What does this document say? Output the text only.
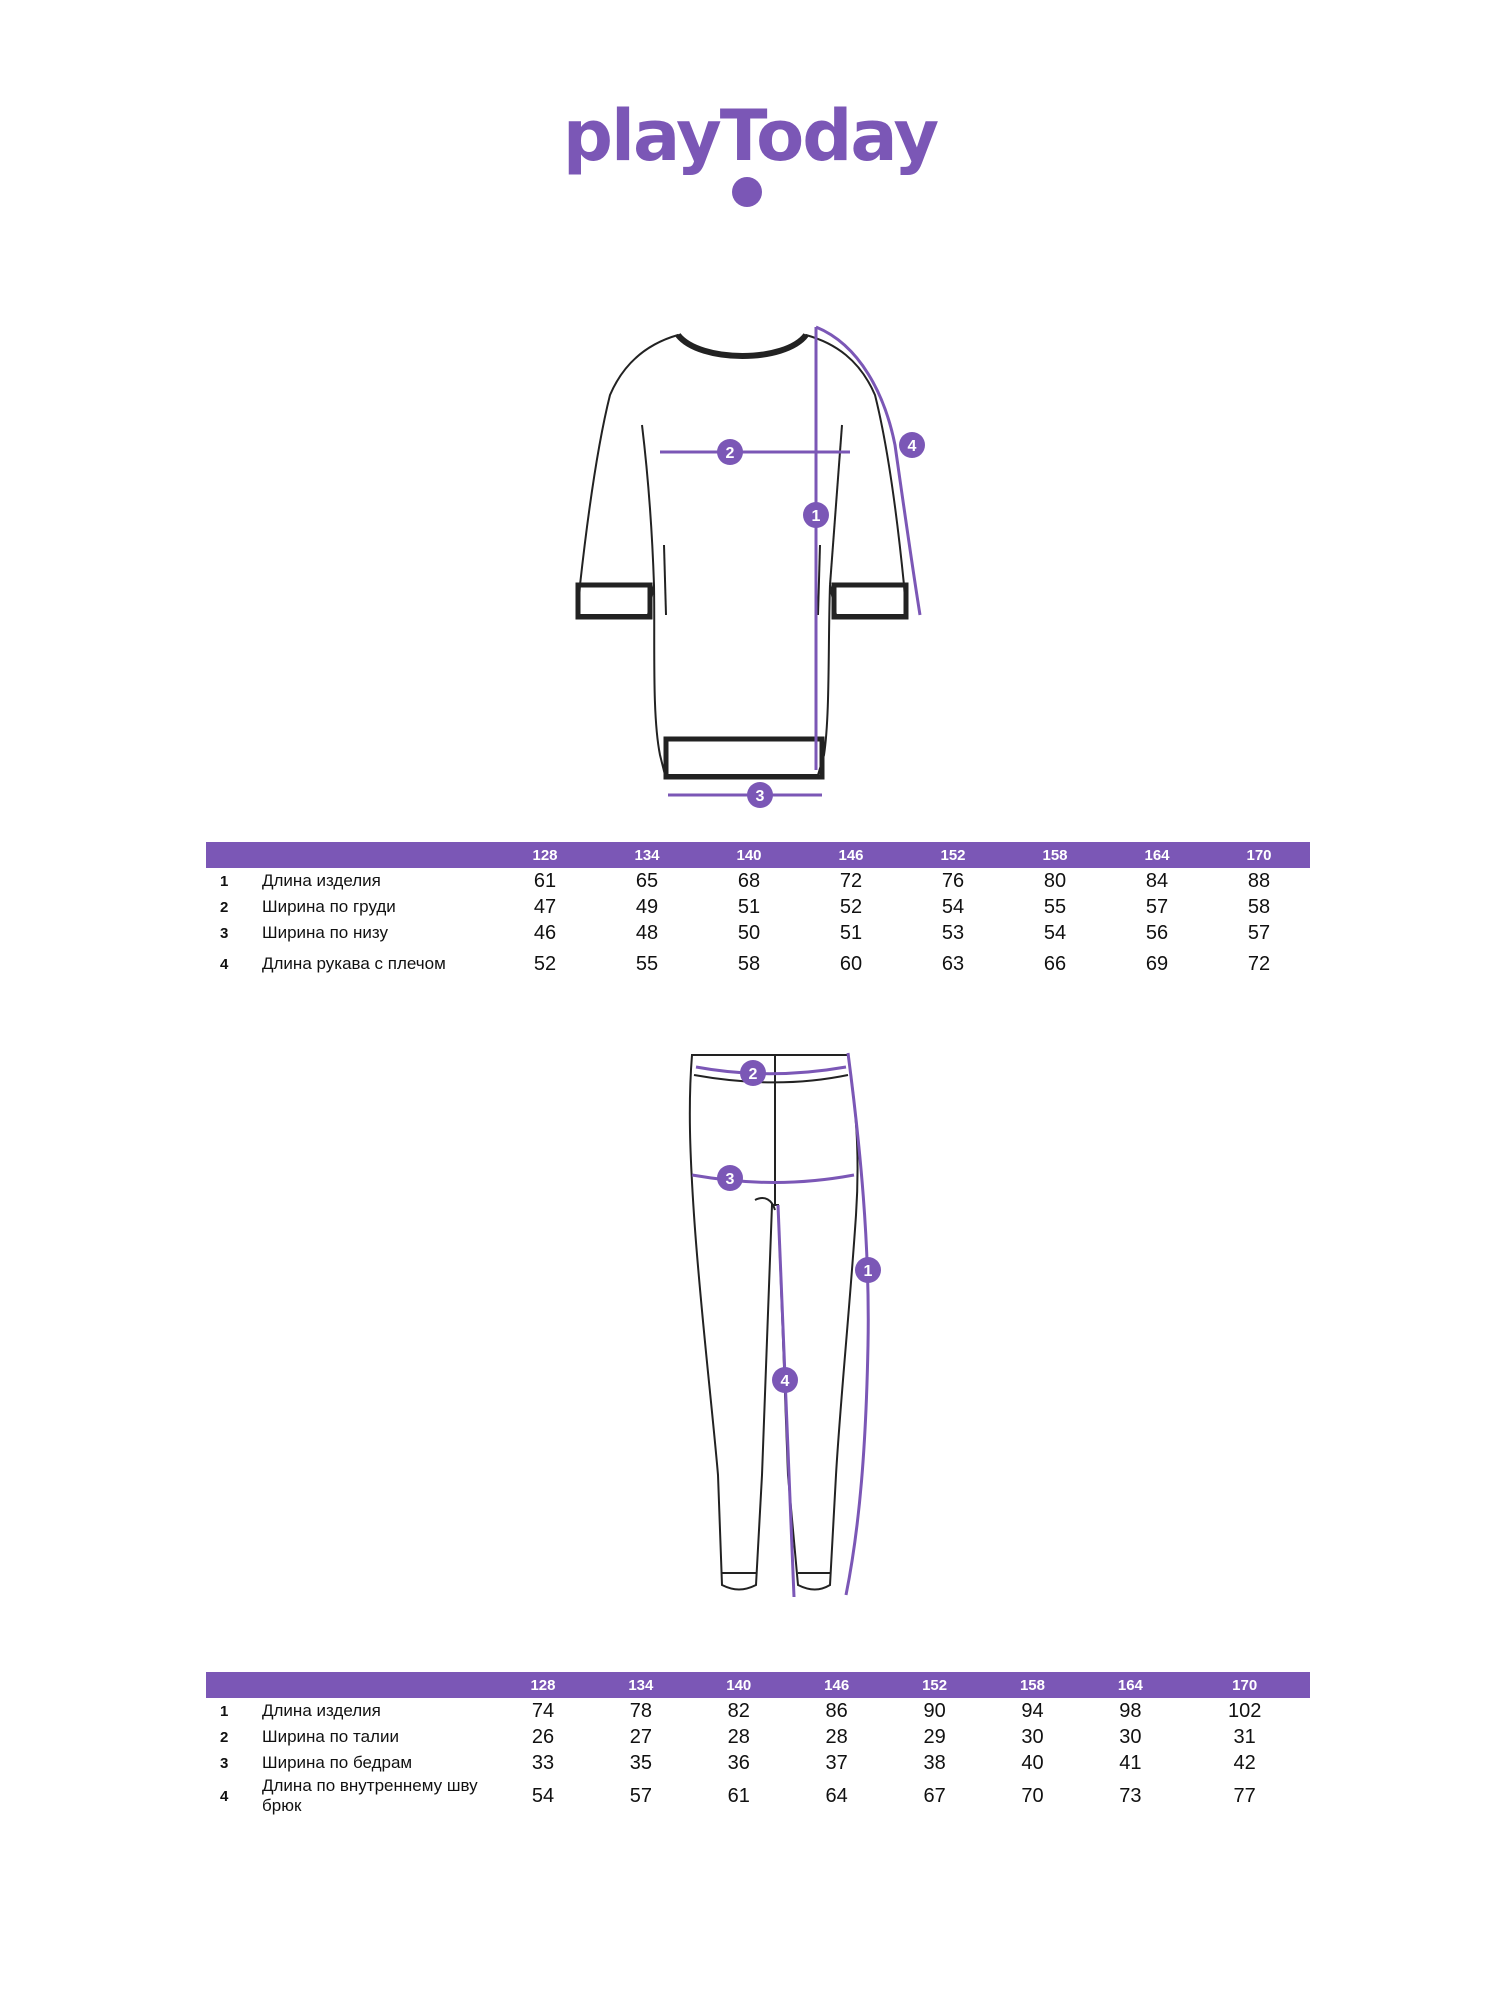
playToday
1
2
3
4
		128	134	140	146	152	158	164	170
1	Длина изделия	61	65	68	72	76	80	84	88
2	Ширина по груди	47	49	51	52	54	55	57	58
3	Ширина по низу	46	48	50	51	53	54	56	57
4	Длина рукава с плечом	52	55	58	60	63	66	69	72
1
2
3
4
		128	134	140	146	152	158	164	170
1	Длина изделия	74	78	82	86	90	94	98	102
2	Ширина по талии	26	27	28	28	29	30	30	31
3	Ширина по бедрам	33	35	36	37	38	40	41	42
4	Длина по внутреннему шву брюк	54	57	61	64	67	70	73	77
